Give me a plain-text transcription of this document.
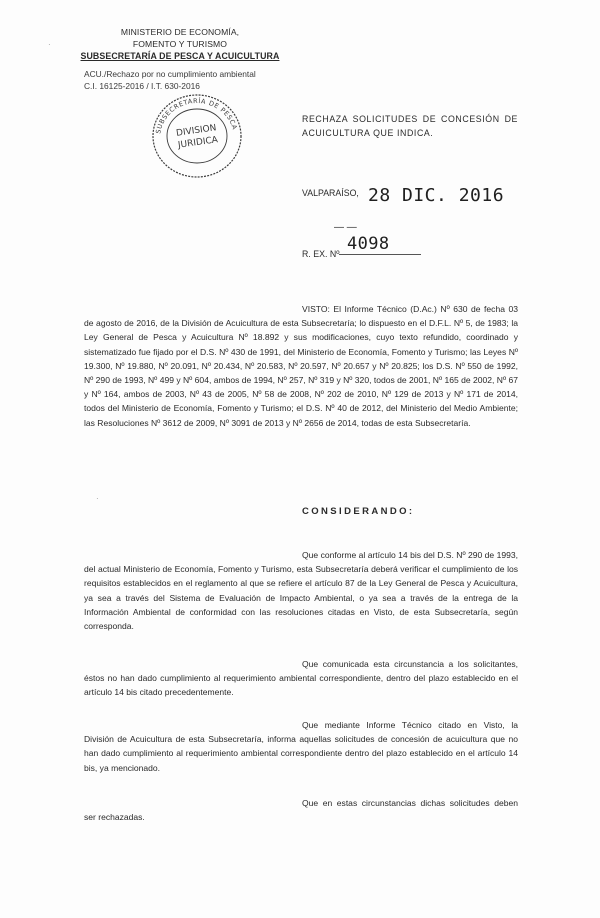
MINISTERIO DE ECONOMÍA,
FOMENTO Y TURISMO
SUBSECRETARÍA DE PESCA Y ACUICULTURA
ACU./Rechazo por no cumplimiento ambiental
C.I. 16125-2016 / I.T. 630-2016
SUBSECRETARÍA DE PESCA
DIVISION
JURIDICA
RECHAZA SOLICITUDES DE CONCESIÓN DE ACUICULTURA QUE INDICA.
VALPARAÍSO, 28 DIC. 2016
— —
R. EX. Nº 4098
VISTO: El Informe Técnico (D.Ac.) Nº 630 de fecha 03 de agosto de 2016, de la División de Acuicultura de esta Subsecretaría; lo dispuesto en el D.F.L. Nº 5, de 1983; la Ley General de Pesca y Acuicultura Nº 18.892 y sus modificaciones, cuyo texto refundido, coordinado y sistematizado fue fijado por el D.S. Nº 430 de 1991, del Ministerio de Economía, Fomento y Turismo; las Leyes Nº 19.300, Nº 19.880, Nº 20.091, Nº 20.434, Nº 20.583, Nº 20.597, Nº 20.657 y Nº 20.825; los D.S. Nº 550 de 1992, Nº 290 de 1993, Nº 499 y Nº 604, ambos de 1994, Nº 257, Nº 319 y Nº 320, todos de 2001, Nº 165 de 2002, Nº 67 y Nº 164, ambos de 2003, Nº 43 de 2005, Nº 58 de 2008, Nº 202 de 2010, Nº 129 de 2013 y Nº 171 de 2014, todos del Ministerio de Economía, Fomento y Turismo; el D.S. Nº 40 de 2012, del Ministerio del Medio Ambiente; las Resoluciones Nº 3612 de 2009, Nº 3091 de 2013 y Nº 2656 de 2014, todas de esta Subsecretaría.
CONSIDERANDO:
Que conforme al artículo 14 bis del D.S. Nº 290 de 1993, del actual Ministerio de Economía, Fomento y Turismo, esta Subsecretaría deberá verificar el cumplimiento de los requisitos establecidos en el reglamento al que se refiere el artículo 87 de la Ley General de Pesca y Acuicultura, ya sea a través del Sistema de Evaluación de Impacto Ambiental, o ya sea a través de la entrega de la Información Ambiental de conformidad con las resoluciones citadas en Visto, de esta Subsecretaría, según corresponda.
Que comunicada esta circunstancia a los solicitantes, éstos no han dado cumplimiento al requerimiento ambiental correspondiente, dentro del plazo establecido en el artículo 14 bis citado precedentemente.
Que mediante Informe Técnico citado en Visto, la División de Acuicultura de esta Subsecretaría, informa aquellas solicitudes de concesión de acuicultura que no han dado cumplimiento al requerimiento ambiental correspondiente dentro del plazo establecido en el artículo 14 bis, ya mencionado.
Que en estas circunstancias dichas solicitudes deben ser rechazadas.
·
·
